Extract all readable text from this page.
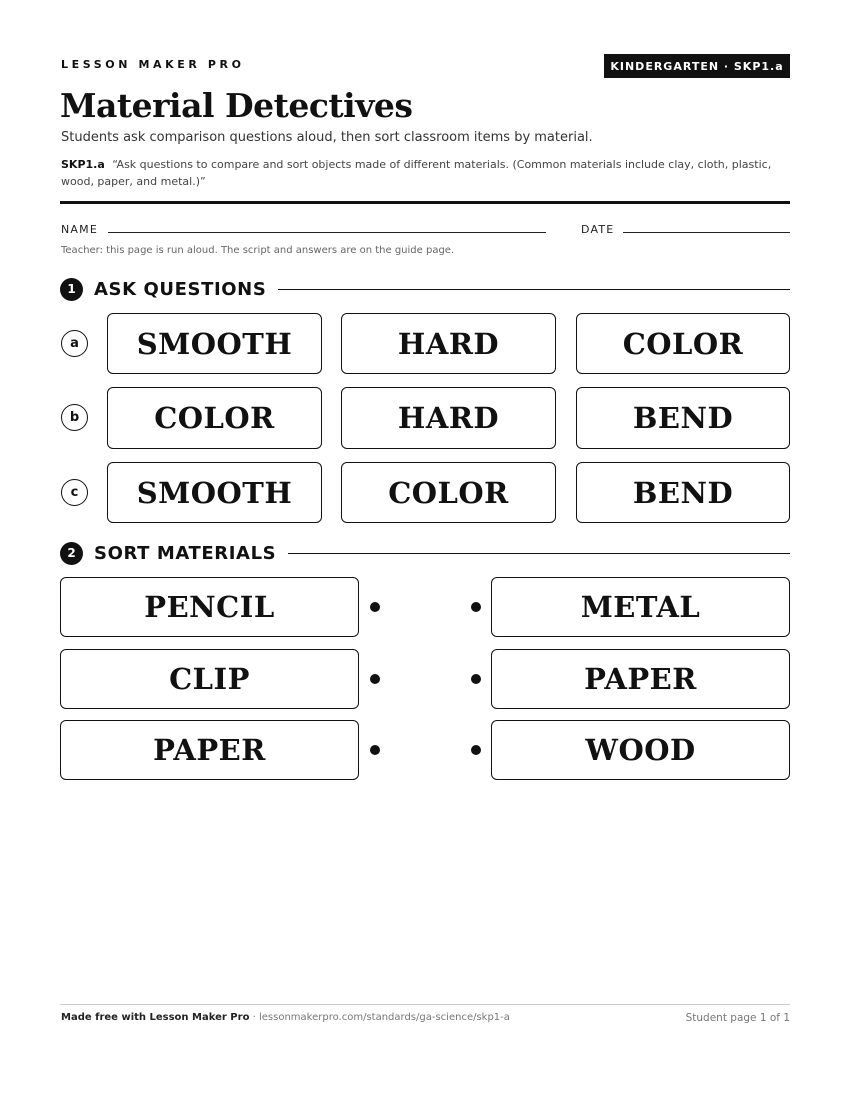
LESSON MAKER PRO	KINDERGARTEN · SKP1.a
Material Detectives
Students ask comparison questions aloud, then sort classroom items by material.
SKP1.a “Ask questions to compare and sort objects made of different materials. (Common materials include clay, cloth, plastic, wood, paper, and metal.)”
NAME	DATE
Teacher: this page is run aloud. The script and answers are on the guide page.
1	ASK QUESTIONS
a	SMOOTH	HARD	COLOR
b	COLOR	HARD	BEND
c	SMOOTH	COLOR	BEND
2	SORT MATERIALS
PENCIL	METAL
CLIP	PAPER
PAPER	WOOD
Made free with Lesson Maker Pro · lessonmakerpro.com/standards/ga-science/skp1-a	Student page 1 of 1
